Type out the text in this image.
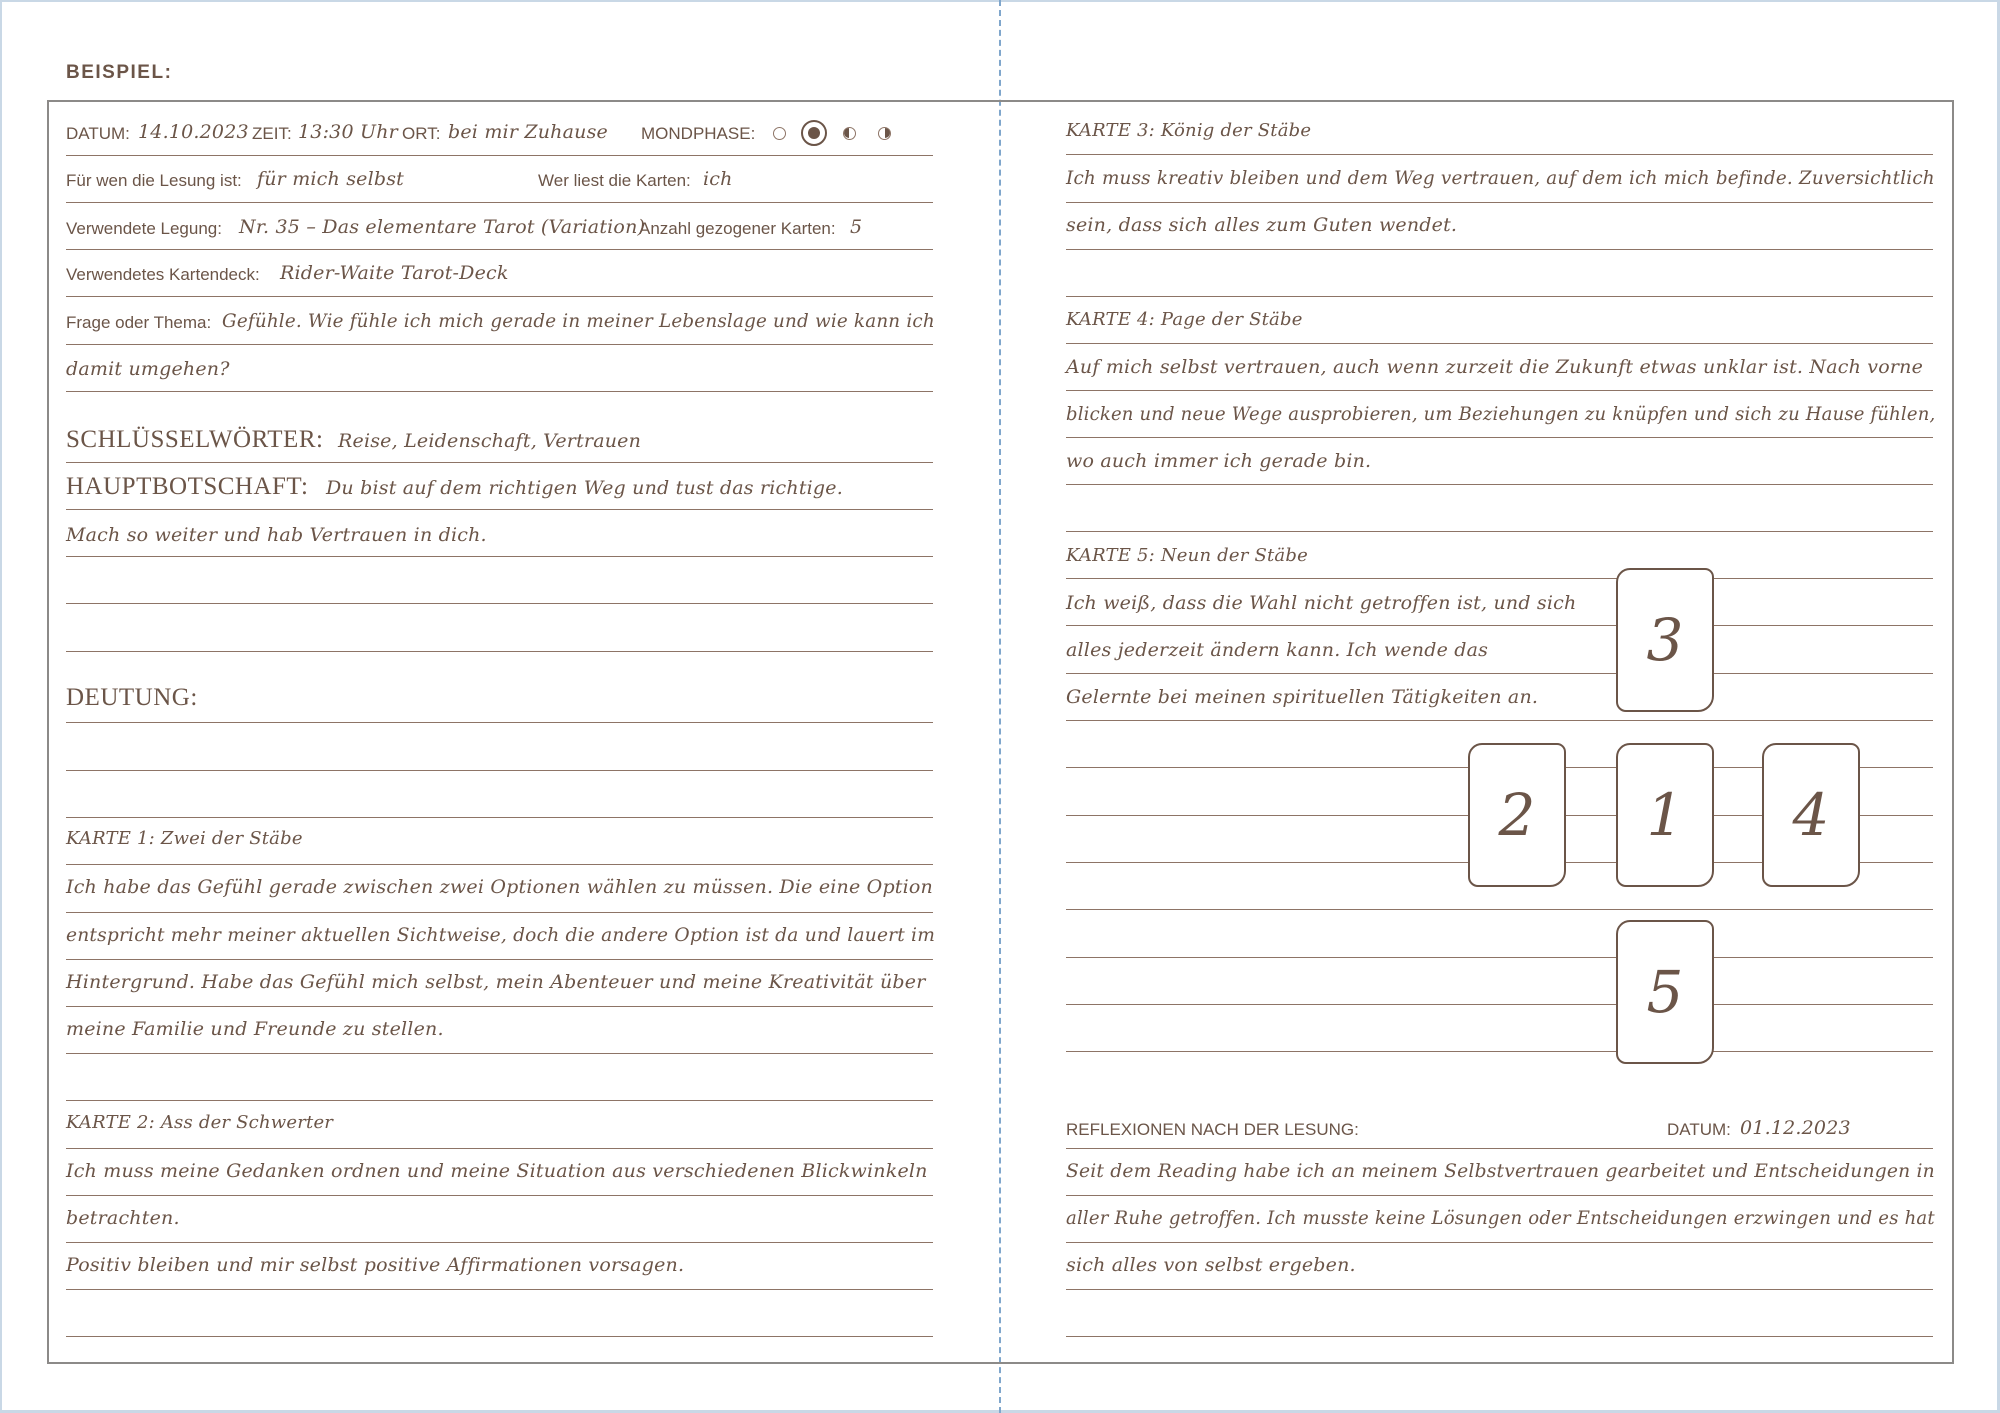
BEISPIEL:
DATUM: 14.10.2023 ZEIT: 13:30 Uhr ORT: bei mir Zuhause MONDPHASE:
Für wen die Lesung ist: für mich selbst	Wer liest die Karten: ich
Verwendete Legung: Nr. 35 – Das elementare Tarot (Variation)
Anzahl gezogener Karten: 5
Verwendetes Kartendeck: Rider-Waite Tarot-Deck
Frage oder Thema: Gefühle. Wie fühle ich mich gerade in meiner Lebenslage und wie kann ich
damit umgehen?
SCHLÜSSELWÖRTER: Reise, Leidenschaft, Vertrauen
HAUPTBOTSCHAFT: Du bist auf dem richtigen Weg und tust das richtige.
Mach so weiter und hab Vertrauen in dich.
DEUTUNG:
KARTE 1: Zwei der Stäbe
Ich habe das Gefühl gerade zwischen zwei Optionen wählen zu müssen. Die eine Option
entspricht mehr meiner aktuellen Sichtweise, doch die andere Option ist da und lauert im
Hintergrund. Habe das Gefühl mich selbst, mein Abenteuer und meine Kreativität über
meine Familie und Freunde zu stellen.
KARTE 2: Ass der Schwerter
Ich muss meine Gedanken ordnen und meine Situation aus verschiedenen Blickwinkeln
betrachten.
Positiv bleiben und mir selbst positive Affirmationen vorsagen.
KARTE 3: König der Stäbe
Ich muss kreativ bleiben und dem Weg vertrauen, auf dem ich mich befinde. Zuversichtlich
sein, dass sich alles zum Guten wendet.
KARTE 4: Page der Stäbe
Auf mich selbst vertrauen, auch wenn zurzeit die Zukunft etwas unklar ist. Nach vorne
blicken und neue Wege ausprobieren, um Beziehungen zu knüpfen und sich zu Hause fühlen,
wo auch immer ich gerade bin.
KARTE 5: Neun der Stäbe
Ich weiß, dass die Wahl nicht getroffen ist, und sich
alles jederzeit ändern kann. Ich wende das
Gelernte bei meinen spirituellen Tätigkeiten an.
3
2	1	4
5
REFLEXIONEN NACH DER LESUNG:	DATUM: 01.12.2023
Seit dem Reading habe ich an meinem Selbstvertrauen gearbeitet und Entscheidungen in
aller Ruhe getroffen. Ich musste keine Lösungen oder Entscheidungen erzwingen und es hat
sich alles von selbst ergeben.
